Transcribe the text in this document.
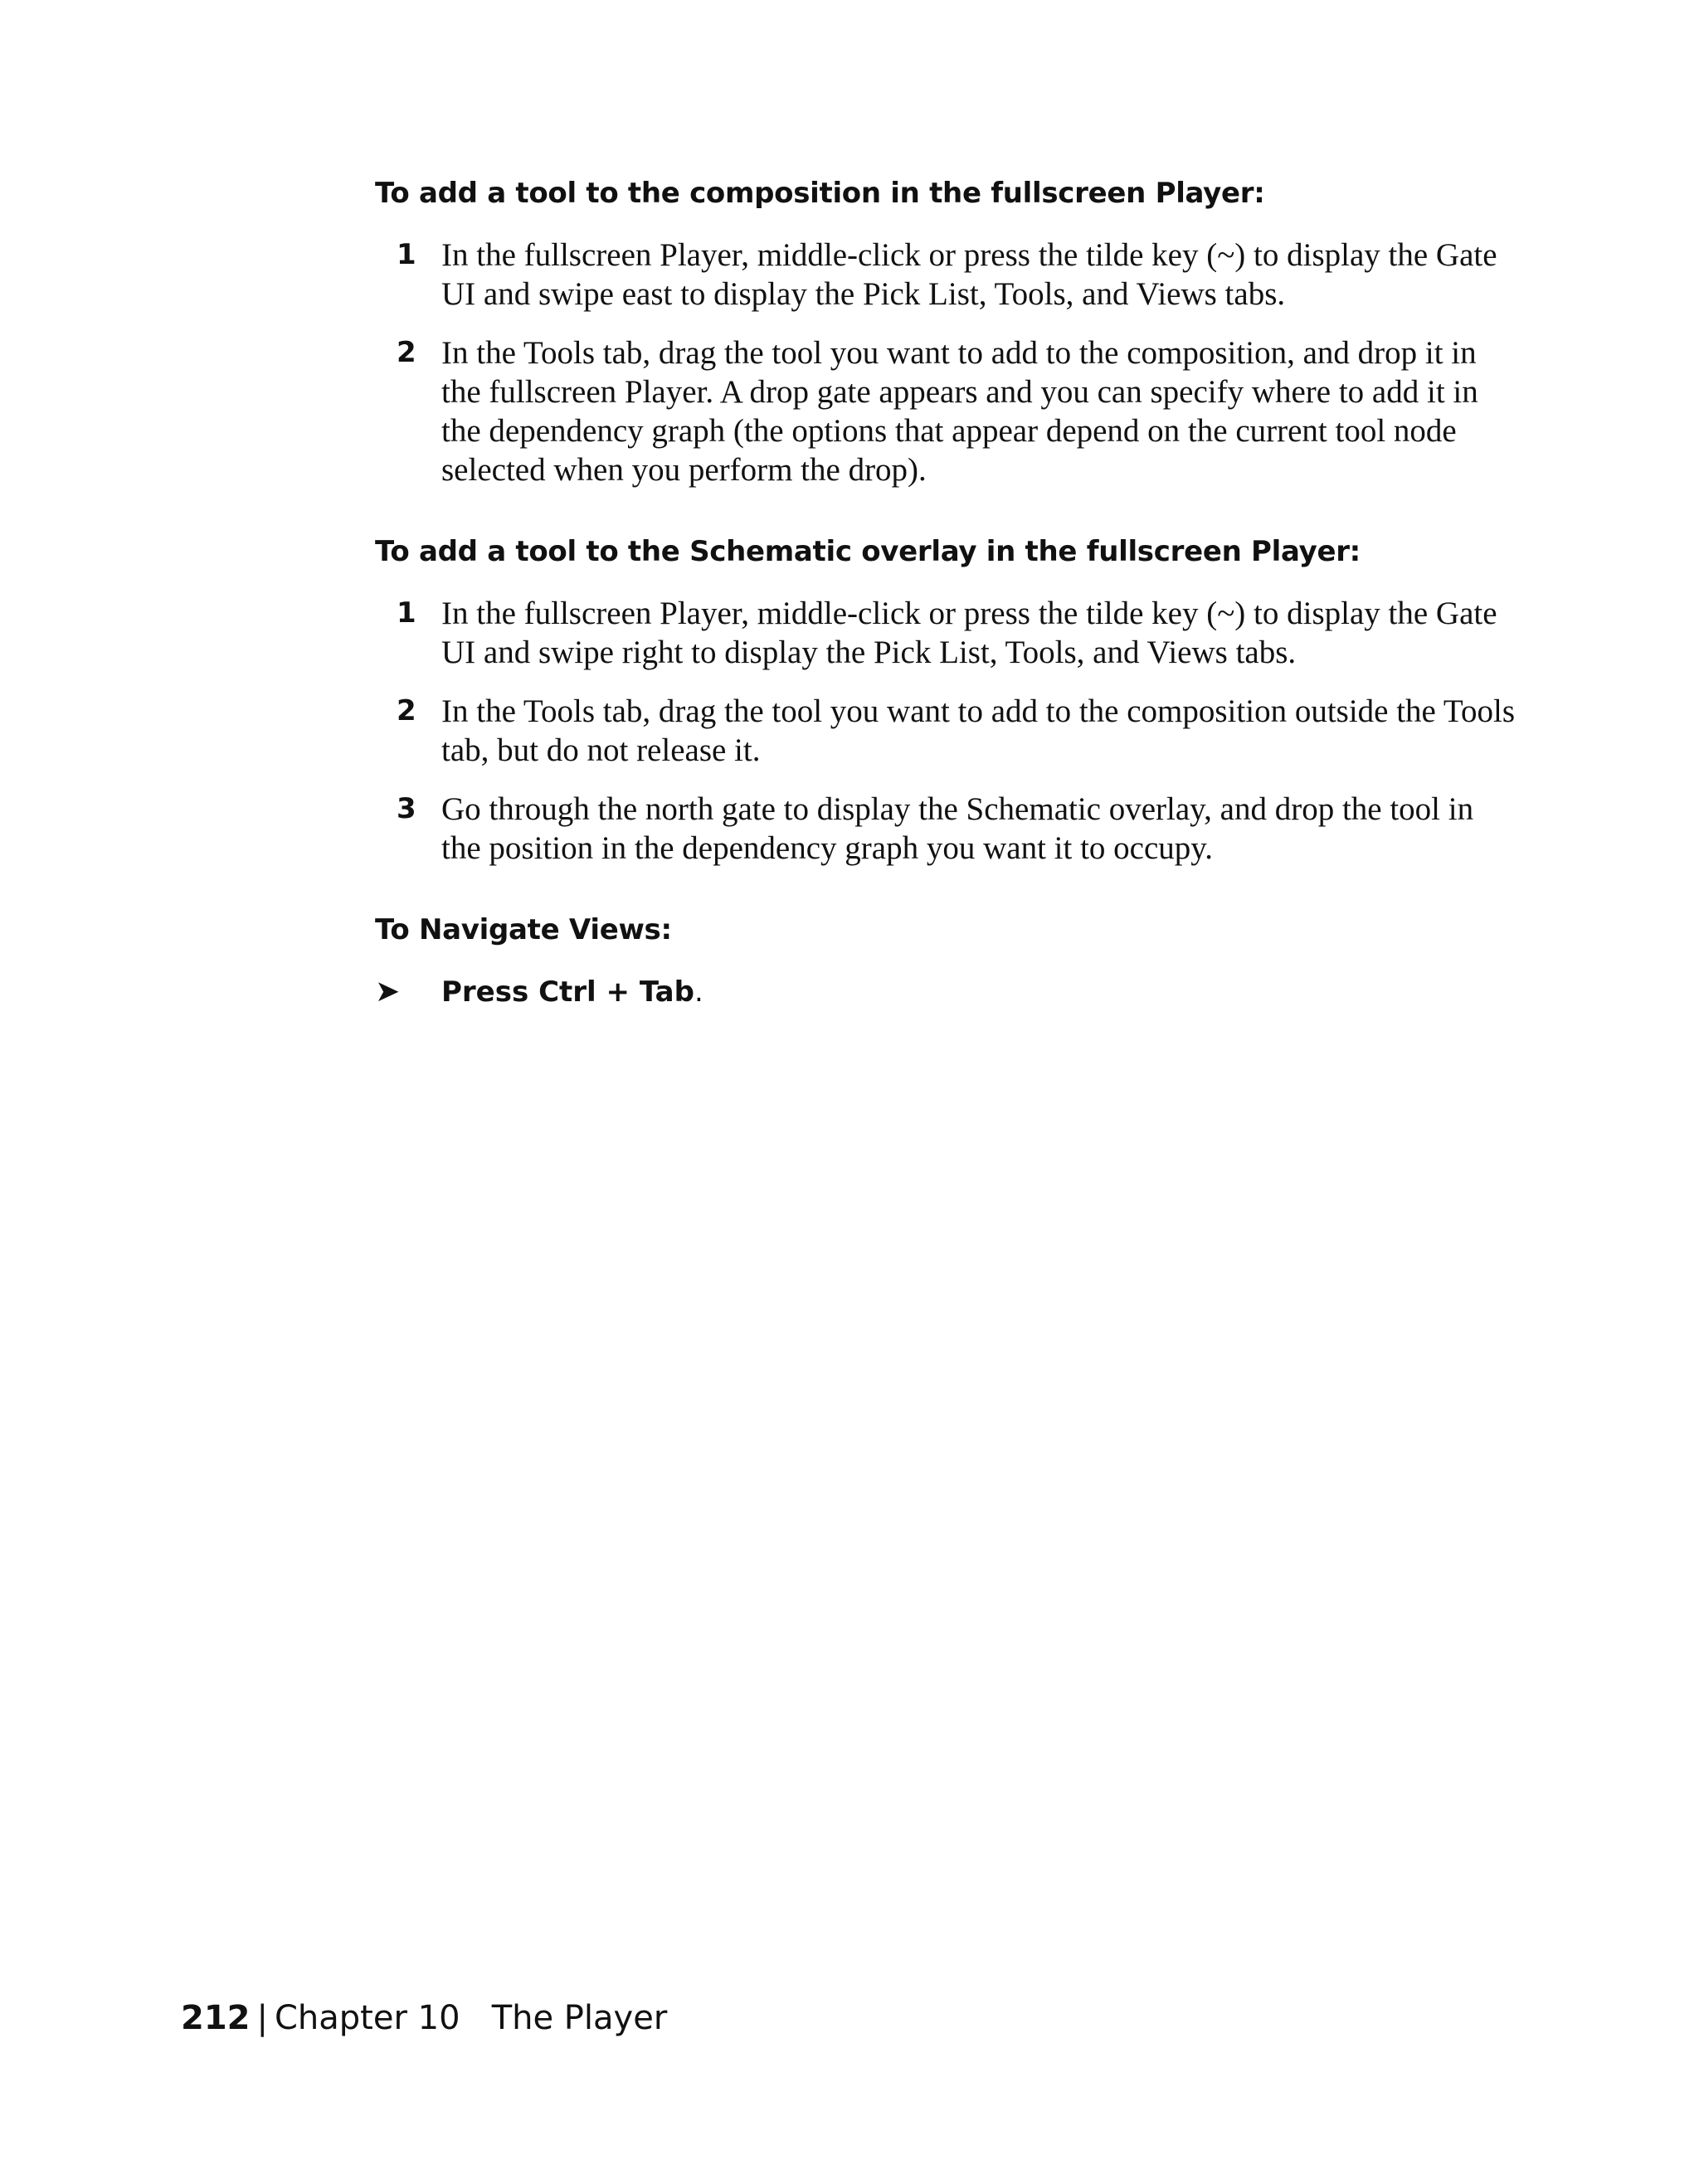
To add a tool to the composition in the fullscreen Player:
1 In the fullscreen Player, middle-click or press the tilde key (~) to display the Gate UI and swipe east to display the Pick List, Tools, and Views tabs.
2 In the Tools tab, drag the tool you want to add to the composition, and drop it in the fullscreen Player. A drop gate appears and you can specify where to add it in the dependency graph (the options that appear depend on the current tool node selected when you perform the drop).
To add a tool to the Schematic overlay in the fullscreen Player:
1 In the fullscreen Player, middle-click or press the tilde key (~) to display the Gate UI and swipe right to display the Pick List, Tools, and Views tabs.
2 In the Tools tab, drag the tool you want to add to the composition outside the Tools tab, but do not release it.
3 Go through the north gate to display the Schematic overlay, and drop the tool in the position in the dependency graph you want it to occupy.
To Navigate Views:
➤	Press Ctrl + Tab.
212 | Chapter 10 The Player
